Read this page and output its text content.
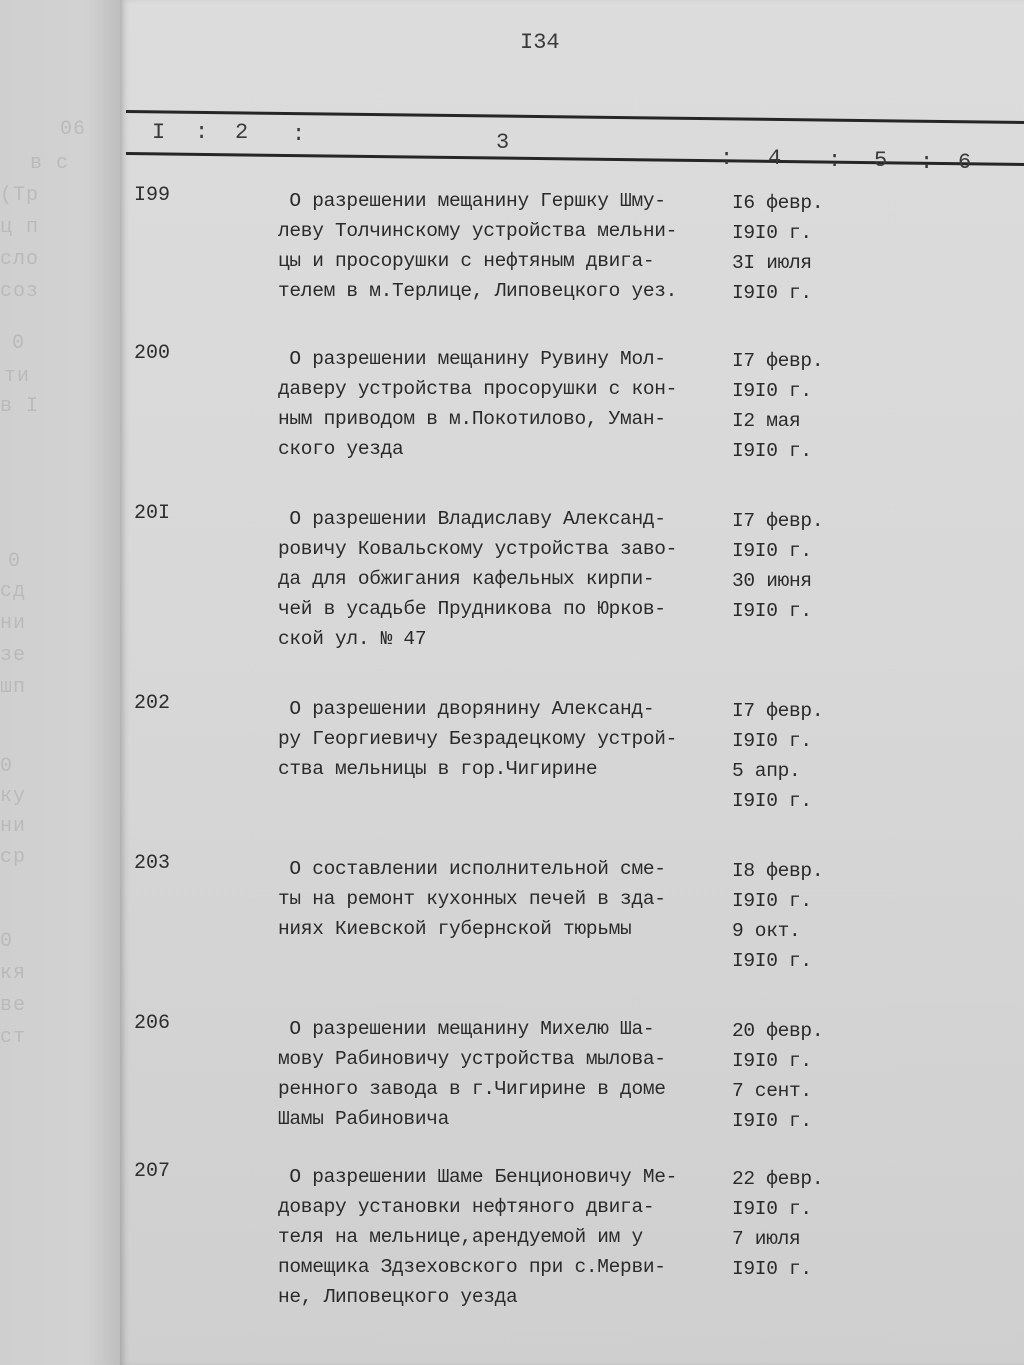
06
в с
(Тр
ц п
сло
соз
0
ти
в I
0
сд
ни
зе
шп
0
ку
ни
ср
0
кя
ве
ст
I34
I : 2 :	3
: 4 : 5 : 6
I99	О разрешении мещанину Гершку Шму-
леву Толчинскому устройства мельни-
цы и просорушки с нефтяным двига-
телем в м.Терлице, Липовецкого уез.
I6 февр.
I9I0 г.
3I июля
I9I0 г.
200	О разрешении мещанину Рувину Мол-
даверу устройства просорушки с кон-
ным приводом в м.Покотилово, Уман-
ского уезда
I7 февр.
I9I0 г.
I2 мая
I9I0 г.
20I	О разрешении Владиславу Александ-
ровичу Ковальскому устройства заво-
да для обжигания кафельных кирпи-
чей в усадьбе Прудникова по Юрков-
ской ул. № 47
I7 февр.
I9I0 г.
30 июня
I9I0 г.
202	О разрешении дворянину Александ-
ру Георгиевичу Безрадецкому устрой-
ства мельницы в гор.Чигирине
I7 февр.
I9I0 г.
5 апр.
I9I0 г.
203	О составлении исполнительной сме-
ты на ремонт кухонных печей в зда-
ниях Киевской губернской тюрьмы
I8 февр.
I9I0 г.
9 окт.
I9I0 г.
206	О разрешении мещанину Михелю Ша-
мову Рабиновичу устройства мылова-
ренного завода в г.Чигирине в доме
Шамы Рабиновича
20 февр.
I9I0 г.
7 сент.
I9I0 г.
207	О разрешении Шаме Бенционовичу Ме-
довару установки нефтяного двига-
теля на мельнице,арендуемой им у
помещика Здзеховского при с.Мерви-
не, Липовецкого уезда
22 февр.
I9I0 г.
7 июля
I9I0 г.
